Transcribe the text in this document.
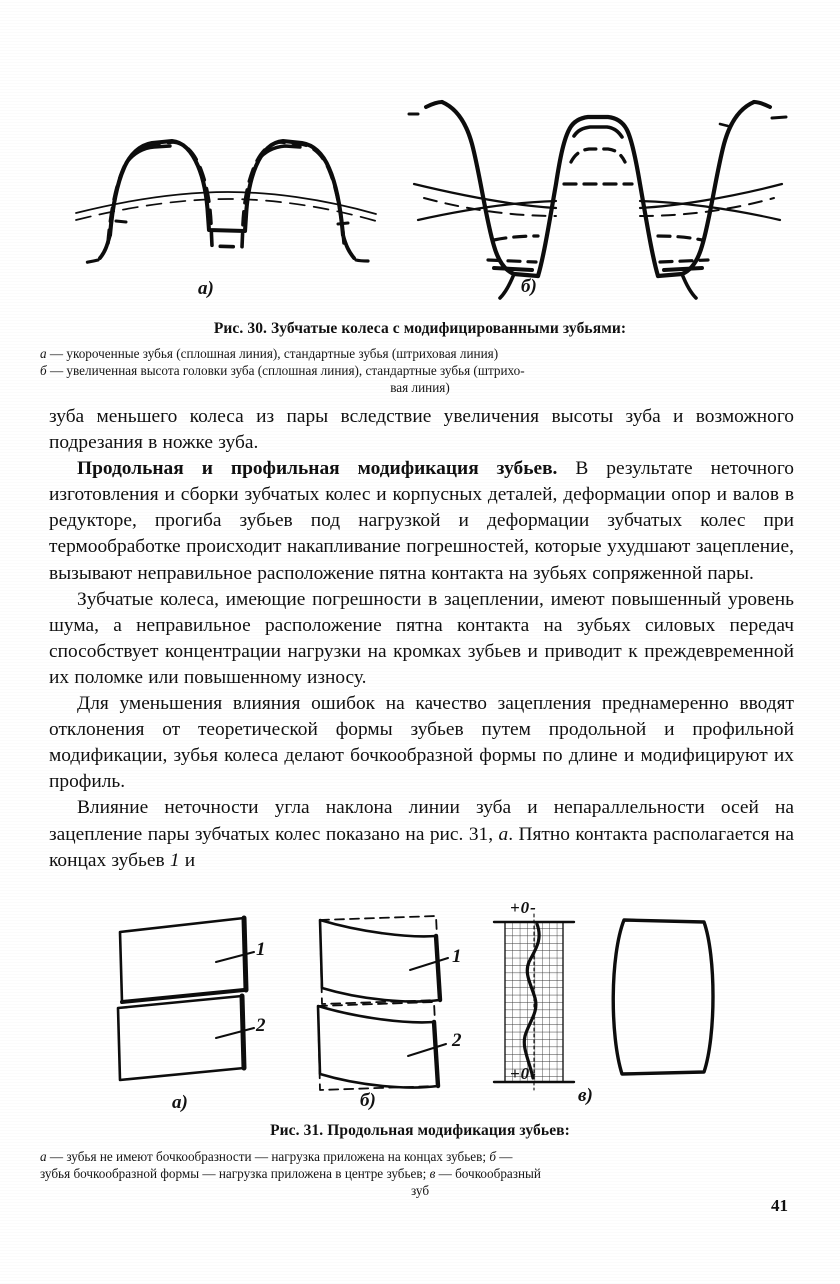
а)	б)

Рис. 30. Зубчатые колеса с модифицированными зубьями:

а — укороченные зубья (сплошная линия), стандартные зубья (штриховая линия)

б — увеличенная высота головки зуба (сплошная линия), стандартные зубья (штрихо-

вая линия)

зуба меньшего колеса из пары вследствие увеличения высоты зуба и возможного подрезания в ножке зуба.

Продольная и профильная модификация зубьев. В результате неточного изготовления и сборки зубчатых колес и корпусных деталей, деформации опор и валов в редукторе, прогиба зубьев под нагрузкой и деформации зубчатых колес при термообработке происходит накапливание погрешностей, которые ухудшают зацепление, вызывают неправильное расположение пятна контакта на зубьях сопряженной пары.

Зубчатые колеса, имеющие погрешности в зацеплении, имеют повышенный уровень шума, а неправильное расположение пятна контакта на зубьях силовых передач способствует концентрации нагрузки на кромках зубьев и приводит к преждевременной их поломке или повышенному износу.

Для уменьшения влияния ошибок на качество зацепления преднамеренно вводят отклонения от теоретической формы зубьев путем продольной и профильной модификации, зубья колеса делают бочкообразной формы по длине и модифицируют их профиль.

Влияние неточности угла наклона линии зуба и непараллельности осей на зацепление пары зубчатых колес показано на рис. 31, а. Пятно контакта располагается на концах зубьев 1 и

1
2
1
2
+0-
+0-
а)	б)	в)

Рис. 31. Продольная модификация зубьев:

а — зубья не имеют бочкообразности — нагрузка приложена на концах зубьев; б —

зубья бочкообразной формы — нагрузка приложена в центре зубьев; в — бочкообразный

зуб

41
